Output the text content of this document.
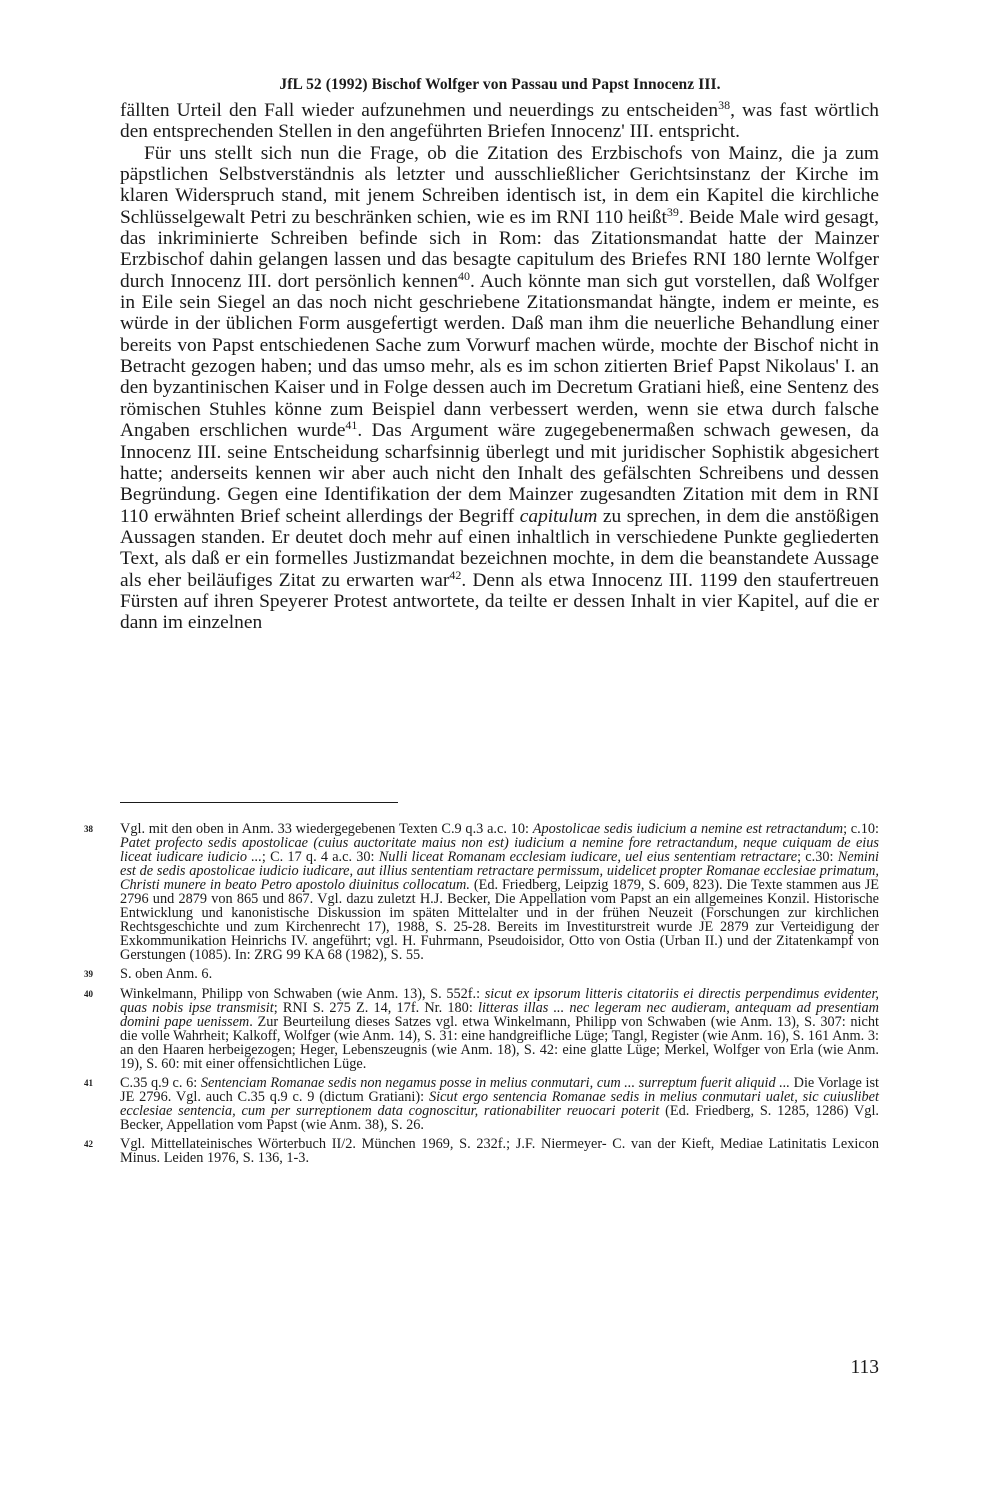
JfL 52 (1992) Bischof Wolfger von Passau und Papst Innocenz III.

fällten Urteil den Fall wieder aufzunehmen und neuerdings zu entscheiden$^{38}$, was fast wörtlich den entsprechenden Stellen in den angeführten Briefen Innocenz' III. entspricht.

Für uns stellt sich nun die Frage, ob die Zitation des Erzbischofs von Mainz, die ja zum päpstlichen Selbstverständnis als letzter und ausschließlicher Gerichtsinstanz der Kirche im klaren Widerspruch stand, mit jenem Schreiben identisch ist, in dem ein Kapitel die kirchliche Schlüsselgewalt Petri zu beschränken schien, wie es im RNI 110 heißt$^{39}$. Beide Male wird gesagt, das inkriminierte Schreiben befinde sich in Rom: das Zitationsmandat hatte der Mainzer Erzbischof dahin gelangen lassen und das besagte capitulum des Briefes RNI 180 lernte Wolfger durch Innocenz III. dort persönlich kennen$^{40}$. Auch könnte man sich gut vorstellen, daß Wolfger in Eile sein Siegel an das noch nicht geschriebene Zitationsmandat hängte, indem er meinte, es würde in der üblichen Form ausgefertigt werden. Daß man ihm die neuerliche Behandlung einer bereits von Papst entschiedenen Sache zum Vorwurf machen würde, mochte der Bischof nicht in Betracht gezogen haben; und das umso mehr, als es im schon zitierten Brief Papst Nikolaus' I. an den byzantinischen Kaiser und in Folge dessen auch im Decretum Gratiani hieß, eine Sentenz des römischen Stuhles könne zum Beispiel dann verbessert werden, wenn sie etwa durch falsche Angaben erschlichen wurde$^{41}$. Das Argument wäre zugegebenermaßen schwach gewesen, da Innocenz III. seine Entscheidung scharfsinnig überlegt und mit juridischer Sophistik abgesichert hatte; anderseits kennen wir aber auch nicht den Inhalt des gefälschten Schreibens und dessen Begründung. Gegen eine Identifikation der dem Mainzer zugesandten Zitation mit dem in RNI 110 erwähnten Brief scheint allerdings der Begriff capitulum zu sprechen, in dem die anstößigen Aussagen standen. Er deutet doch mehr auf einen inhaltlich in verschiedene Punkte gegliederten Text, als daß er ein formelles Justizmandat bezeichnen mochte, in dem die beanstandete Aussage als eher beiläufiges Zitat zu erwarten war$^{42}$. Denn als etwa Innocenz III. 1199 den staufertreuen Fürsten auf ihren Speyerer Protest antwortete, da teilte er dessen Inhalt in vier Kapitel, auf die er dann im einzelnen

38	Vgl. mit den oben in Anm. 33 wiedergegebenen Texten C.9 q.3 a.c. 10: Apostolicae sedis iudicium a nemine est retractandum; c.10: Patet profecto sedis apostolicae (cuius auctoritate maius non est) iudicium a nemine fore retractandum, neque cuiquam de eius liceat iudicare iudicio ...; C. 17 q. 4 a.c. 30: Nulli liceat Romanam ecclesiam iudicare, uel eius sententiam retractare; c.30: Nemini est de sedis apostolicae iudicio iudicare, aut illius sententiam retractare permissum, uidelicet propter Romanae ecclesiae primatum, Christi munere in beato Petro apostolo diuinitus collocatum. (Ed. Friedberg, Leipzig 1879, S. 609, 823). Die Texte stammen aus JE 2796 und 2879 von 865 und 867. Vgl. dazu zuletzt H.J. Becker, Die Appellation vom Papst an ein allgemeines Konzil. Historische Entwicklung und kanonistische Diskussion im späten Mittelalter und in der frühen Neuzeit (Forschungen zur kirchlichen Rechtsgeschichte und zum Kirchenrecht 17), 1988, S. 25-28. Bereits im Investiturstreit wurde JE 2879 zur Verteidigung der Exkommunikation Heinrichs IV. angeführt; vgl. H. Fuhrmann, Pseudoisidor, Otto von Ostia (Urban II.) und der Zitatenkampf von Gerstungen (1085). In: ZRG 99 KA 68 (1982), S. 55.
39	S. oben Anm. 6.
40	Winkelmann, Philipp von Schwaben (wie Anm. 13), S. 552f.: sicut ex ipsorum litteris citatoriis ei directis perpendimus evidenter, quas nobis ipse transmisit; RNI S. 275 Z. 14, 17f. Nr. 180: litteras illas ... nec legeram nec audieram, antequam ad presentiam domini pape uenissem. Zur Beurteilung dieses Satzes vgl. etwa Winkelmann, Philipp von Schwaben (wie Anm. 13), S. 307: nicht die volle Wahrheit; Kalkoff, Wolfger (wie Anm. 14), S. 31: eine handgreifliche Lüge; Tangl, Register (wie Anm. 16), S. 161 Anm. 3: an den Haaren herbeigezogen; Heger, Lebenszeugnis (wie Anm. 18), S. 42: eine glatte Lüge; Merkel, Wolfger von Erla (wie Anm. 19), S. 60: mit einer offensichtlichen Lüge.
41	C.35 q.9 c. 6: Sentenciam Romanae sedis non negamus posse in melius conmutari, cum ... surreptum fuerit aliquid ... Die Vorlage ist JE 2796. Vgl. auch C.35 q.9 c. 9 (dictum Gratiani): Sicut ergo sentencia Romanae sedis in melius conmutari ualet, sic cuiuslibet ecclesiae sentencia, cum per surreptionem data cognoscitur, rationabiliter reuocari poterit (Ed. Friedberg, S. 1285, 1286) Vgl. Becker, Appellation vom Papst (wie Anm. 38), S. 26.
42	Vgl. Mittellateinisches Wörterbuch II/2. München 1969, S. 232f.; J.F. Niermeyer- C. van der Kieft, Mediae Latinitatis Lexicon Minus. Leiden 1976, S. 136, 1-3.
113
